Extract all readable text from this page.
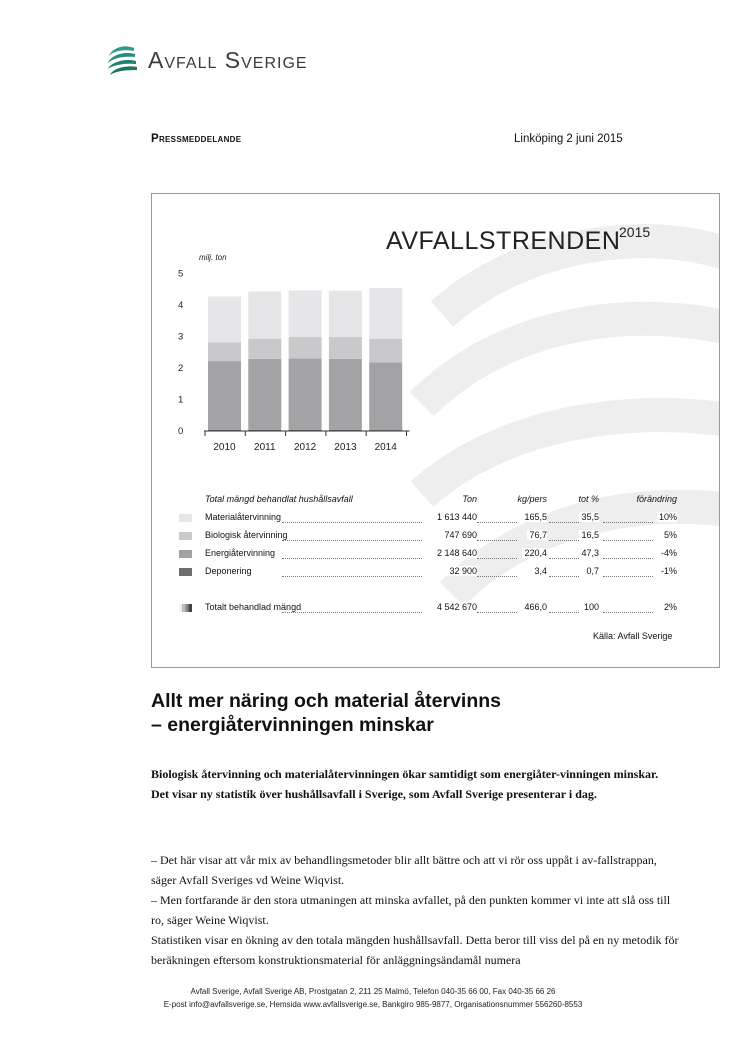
Avfall Sverige
Pressmeddelande	Linköping 2 juni 2015
AVFALLSTRENDEN
2015
milj. ton
0
1
2
3
4
5
2010 2011 2012 2013 2014
Total mängd behandlat hushållsavfall	Ton	kg/pers	tot %	förändring
Materialåtervinning	1 613 440	165,5	35,5	10%
Biologisk återvinning	747 690	76,7	16,5	5%
Energiåtervinning	2 148 640	220,4	47,3	-4%
Deponering	32 900	3,4	0,7	-1%
Totalt behandlad mängd	4 542 670	466,0	100	2%
Källa: Avfall Sverige
Allt mer näring och material återvinns
– energiåtervinningen minskar
Biologisk återvinning och materialåtervinningen ökar samtidigt som energiåter-vinningen minskar. Det visar ny statistik över hushållsavfall i Sverige, som Avfall Sverige presenterar i dag.

– Det här visar att vår mix av behandlingsmetoder blir allt bättre och att vi rör oss uppåt i av-fallstrappan, säger Avfall Sveriges vd Weine Wiqvist.

– Men fortfarande är den stora utmaningen att minska avfallet, på den punkten kommer vi inte att slå oss till ro, säger Weine Wiqvist.

Statistiken visar en ökning av den totala mängden hushållsavfall. Detta beror till viss del på en ny metodik för beräkningen eftersom konstruktionsmaterial för anläggningsändamål numera

Avfall Sverige, Avfall Sverige AB, Prostgatan 2, 211 25 Malmö, Telefon 040-35 66 00, Fax 040-35 66 26
E-post info@avfallsverige.se, Hemsida www.avfallsverige.se, Bankgiro 985-9877, Organisationsnummer 556260-8553
